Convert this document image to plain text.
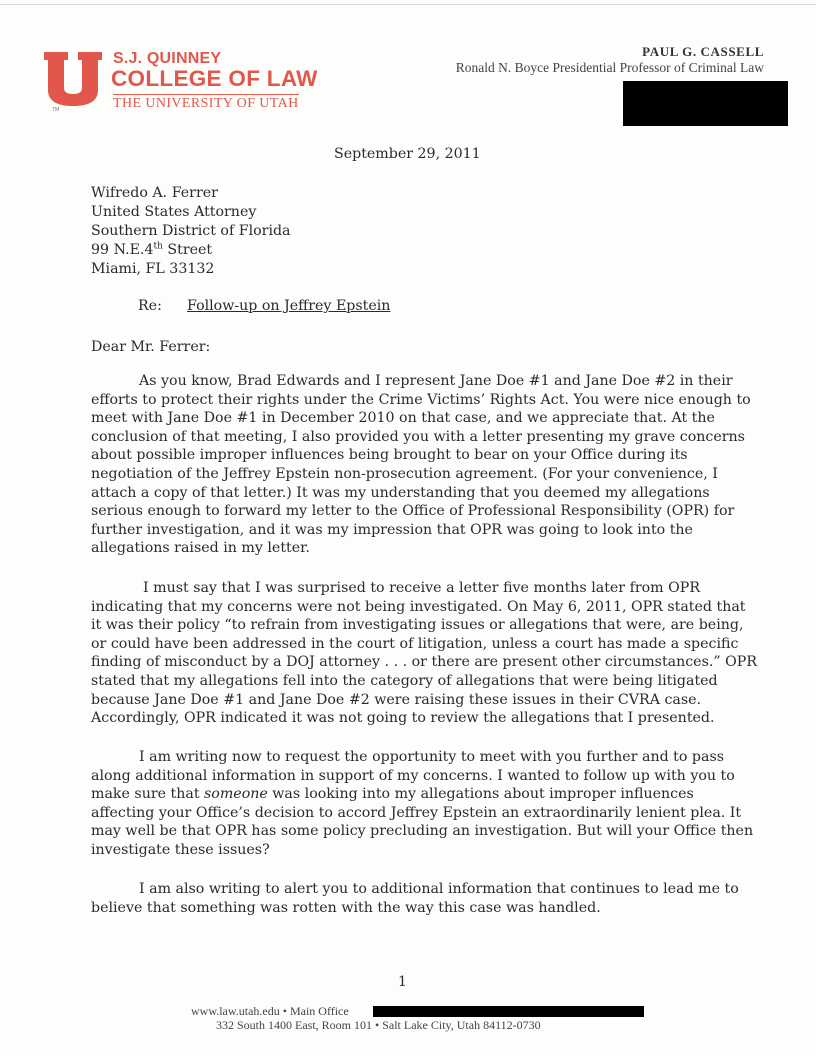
TM
S.J. QUINNEY
COLLEGE OF LAW
THE UNIVERSITY OF UTAH
PAUL G. CASSELL
Ronald N. Boyce Presidential Professor of Criminal Law
September 29, 2011
Wifredo A. Ferrer
United States Attorney
Southern District of Florida
99 N.E.4th Street
Miami, FL 33132
Re: Follow-up on Jeffrey Epstein
Dear Mr. Ferrer:
As you know, Brad Edwards and I represent Jane Doe #1 and Jane Doe #2 in their
efforts to protect their rights under the Crime Victims’ Rights Act. You were nice enough to
meet with Jane Doe #1 in December 2010 on that case, and we appreciate that. At the
conclusion of that meeting, I also provided you with a letter presenting my grave concerns
about possible improper influences being brought to bear on your Office during its
negotiation of the Jeffrey Epstein non-prosecution agreement. (For your convenience, I
attach a copy of that letter.) It was my understanding that you deemed my allegations
serious enough to forward my letter to the Office of Professional Responsibility (OPR) for
further investigation, and it was my impression that OPR was going to look into the
allegations raised in my letter.
I must say that I was surprised to receive a letter five months later from OPR
indicating that my concerns were not being investigated. On May 6, 2011, OPR stated that
it was their policy “to refrain from investigating issues or allegations that were, are being,
or could have been addressed in the court of litigation, unless a court has made a specific
finding of misconduct by a DOJ attorney . . . or there are present other circumstances.” OPR
stated that my allegations fell into the category of allegations that were being litigated
because Jane Doe #1 and Jane Doe #2 were raising these issues in their CVRA case.
Accordingly, OPR indicated it was not going to review the allegations that I presented.
I am writing now to request the opportunity to meet with you further and to pass
along additional information in support of my concerns. I wanted to follow up with you to
make sure that someone was looking into my allegations about improper influences
affecting your Office’s decision to accord Jeffrey Epstein an extraordinarily lenient plea. It
may well be that OPR has some policy precluding an investigation. But will your Office then
investigate these issues?
I am also writing to alert you to additional information that continues to lead me to
believe that something was rotten with the way this case was handled.
1
www.law.utah.edu • Main Office
332 South 1400 East, Room 101 • Salt Lake City, Utah 84112-0730
